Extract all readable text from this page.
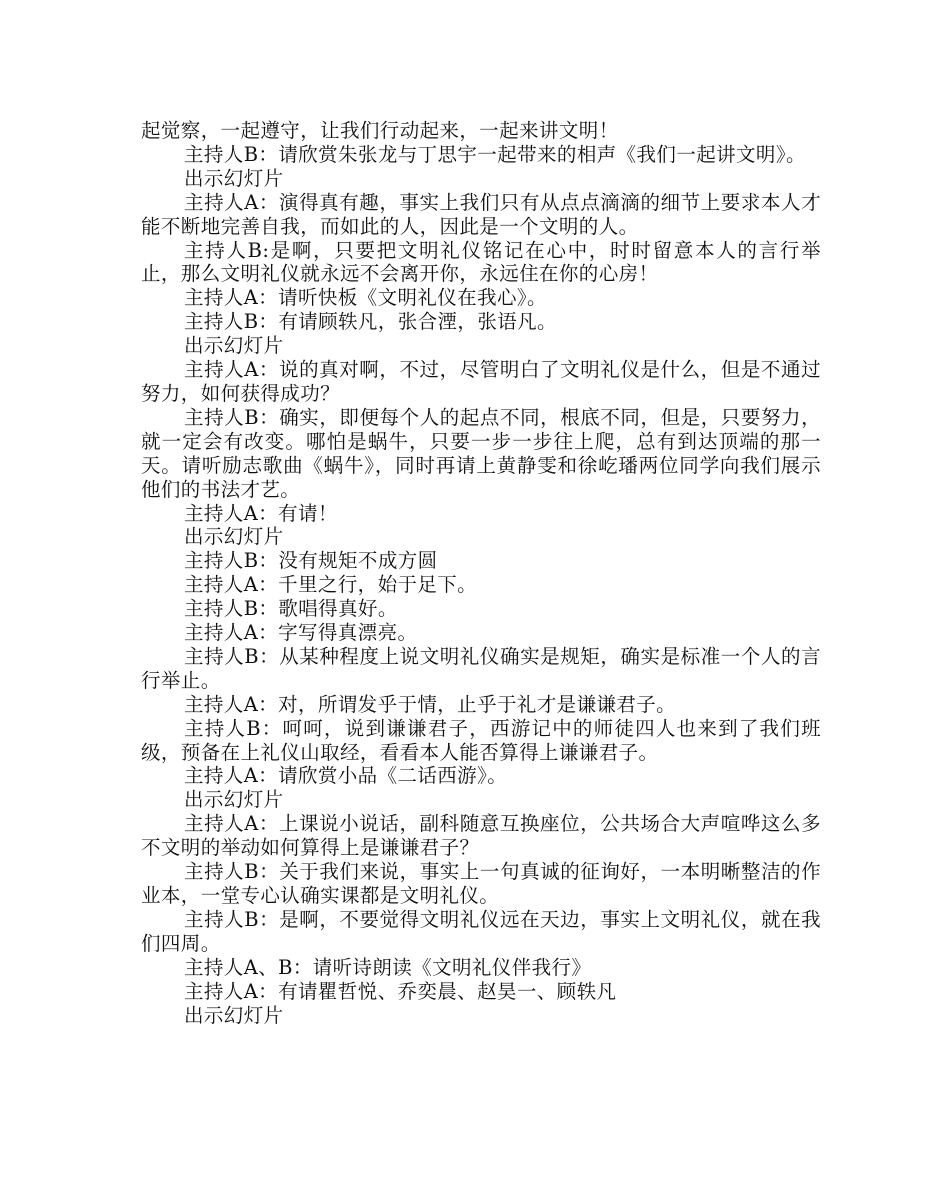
起觉察，一起遵守，让我们行动起来，一起来讲文明！

主持人B：请欣赏朱张龙与丁思宇一起带来的相声《我们一起讲文明》。

出示幻灯片

主持人A：演得真有趣，事实上我们只有从点点滴滴的细节上要求本人才能不断地完善自我，而如此的人，因此是一个文明的人。

主持人B:是啊，只要把文明礼仪铭记在心中，时时留意本人的言行举止，那么文明礼仪就永远不会离开你，永远住在你的心房！

主持人A：请听快板《文明礼仪在我心》。

主持人B：有请顾轶凡，张合湮，张语凡。

出示幻灯片

主持人A：说的真对啊，不过，尽管明白了文明礼仪是什么，但是不通过努力，如何获得成功？

主持人B：确实，即便每个人的起点不同，根底不同，但是，只要努力，就一定会有改变。哪怕是蜗牛，只要一步一步往上爬，总有到达顶端的那一天。请听励志歌曲《蜗牛》，同时再请上黄静雯和徐屹璠两位同学向我们展示他们的书法才艺。

主持人A：有请！

出示幻灯片

主持人B：没有规矩不成方圆

主持人A：千里之行，始于足下。

主持人B：歌唱得真好。

主持人A：字写得真漂亮。

主持人B：从某种程度上说文明礼仪确实是规矩，确实是标准一个人的言行举止。

主持人A：对，所谓发乎于情，止乎于礼才是谦谦君子。

主持人B：呵呵，说到谦谦君子，西游记中的师徒四人也来到了我们班级，预备在上礼仪山取经，看看本人能否算得上谦谦君子。

主持人A：请欣赏小品《二话西游》。

出示幻灯片

主持人A：上课说小说话，副科随意互换座位，公共场合大声喧哗这么多不文明的举动如何算得上是谦谦君子？

主持人B：关于我们来说，事实上一句真诚的征询好，一本明晰整洁的作业本，一堂专心认确实课都是文明礼仪。

主持人B：是啊，不要觉得文明礼仪远在天边，事实上文明礼仪，就在我们四周。

主持人A、B：请听诗朗读《文明礼仪伴我行》

主持人A：有请瞿哲悦、乔奕晨、赵昊一、顾轶凡

出示幻灯片
